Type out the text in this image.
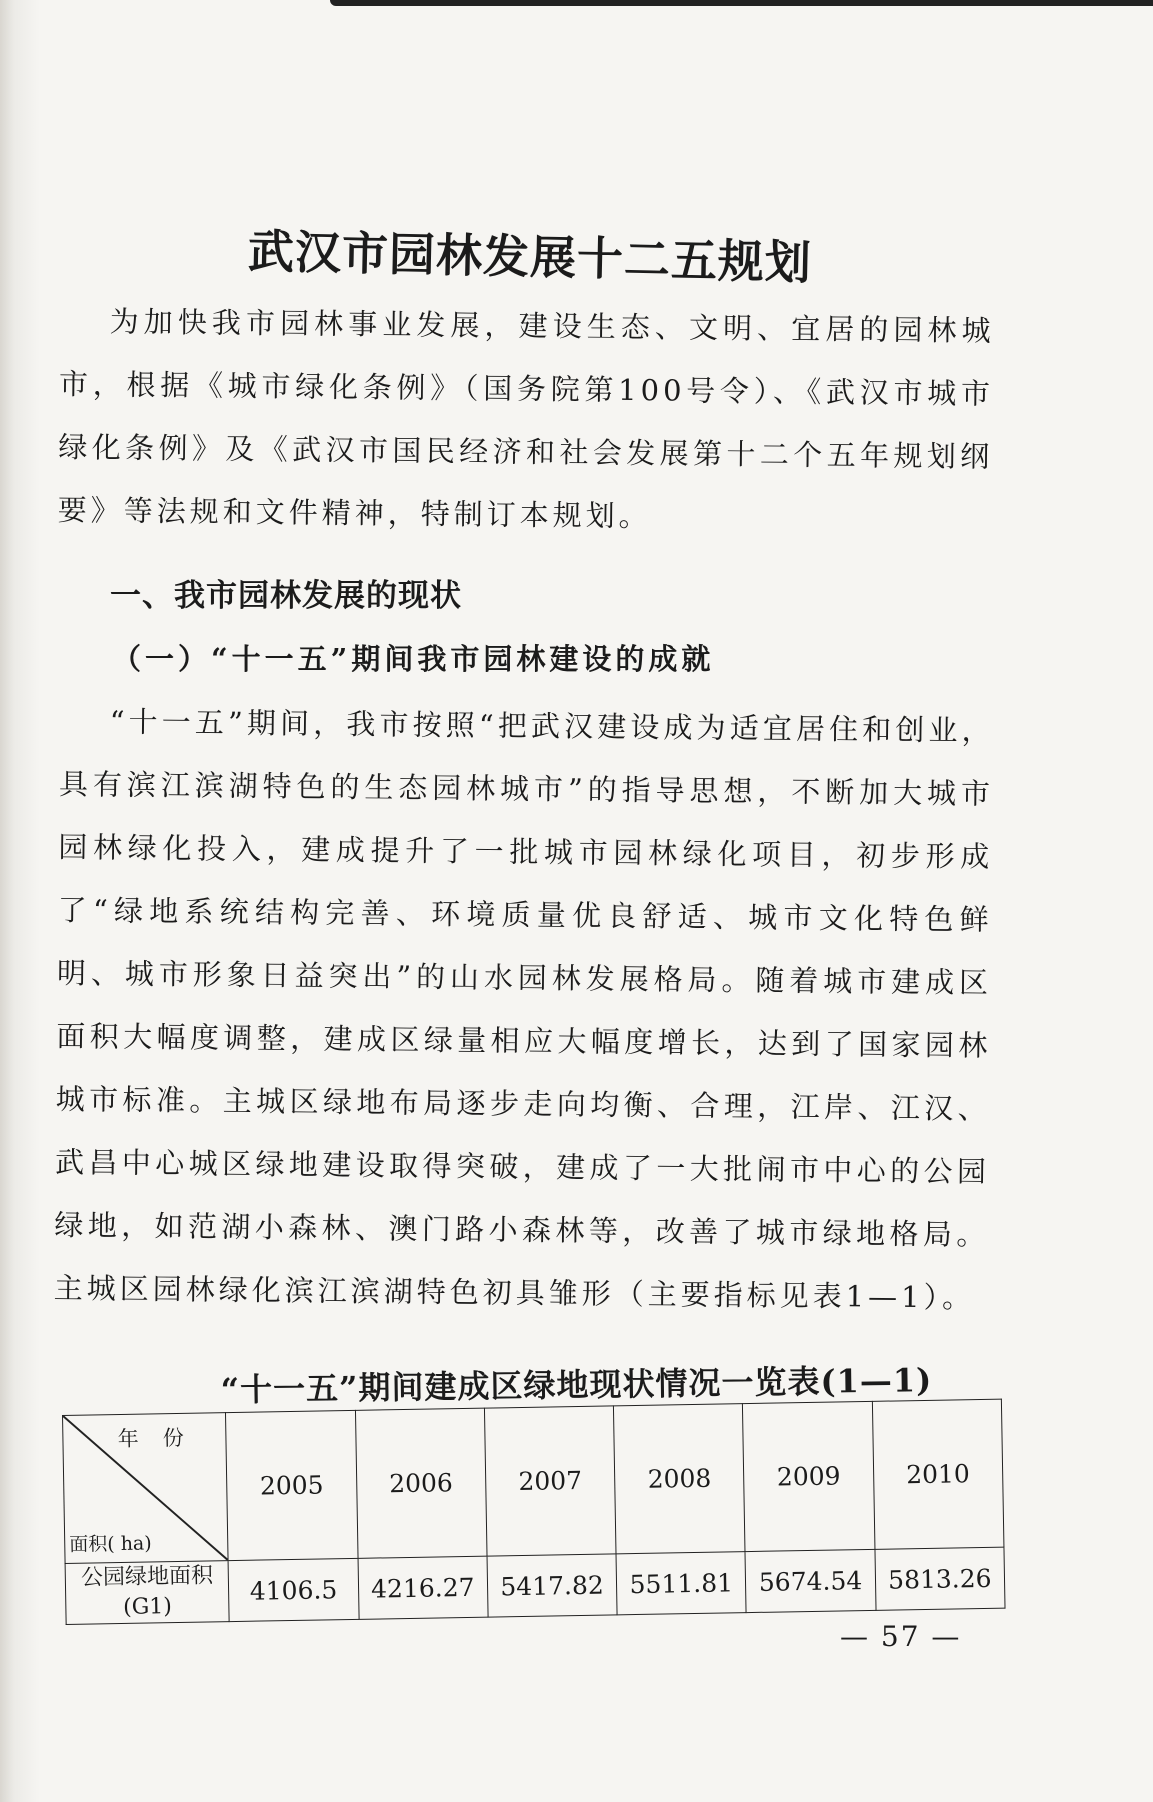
武汉市园林发展十二五规划

为加快我市园林事业发展，建设生态、文明、宜居的园林城市，根据《城市绿化条例》（国务院第100号令）、《武汉市城市绿化条例》及《武汉市国民经济和社会发展第十二个五年规划纲要》等法规和文件精神，特制订本规划。

一、我市园林发展的现状
（一）“十一五”期间我市园林建设的成就

“十一五”期间，我市按照“把武汉建设成为适宜居住和创业，具有滨江滨湖特色的生态园林城市”的指导思想，不断加大城市园林绿化投入，建成提升了一批城市园林绿化项目，初步形成了“绿地系统结构完善、环境质量优良舒适、城市文化特色鲜明、城市形象日益突出”的山水园林发展格局。随着城市建成区面积大幅度调整，建成区绿量相应大幅度增长，达到了国家园林城市标准。主城区绿地布局逐步走向均衡、合理，江岸、江汉、武昌中心城区绿地建设取得突破，建成了一大批闹市中心的公园绿地，如范湖小森林、澳门路小森林等，改善了城市绿地格局。主城区园林绿化滨江滨湖特色初具雏形（主要指标见表1—1）。

“十一五”期间建成区绿地现状情况一览表(1—1)
年份
面积( ha)	2005	2006	2007	2008	2009	2010
公园绿地面积
(G1)	4106.5	4216.27	5417.82	5511.81	5674.54	5813.26

— 57 —
